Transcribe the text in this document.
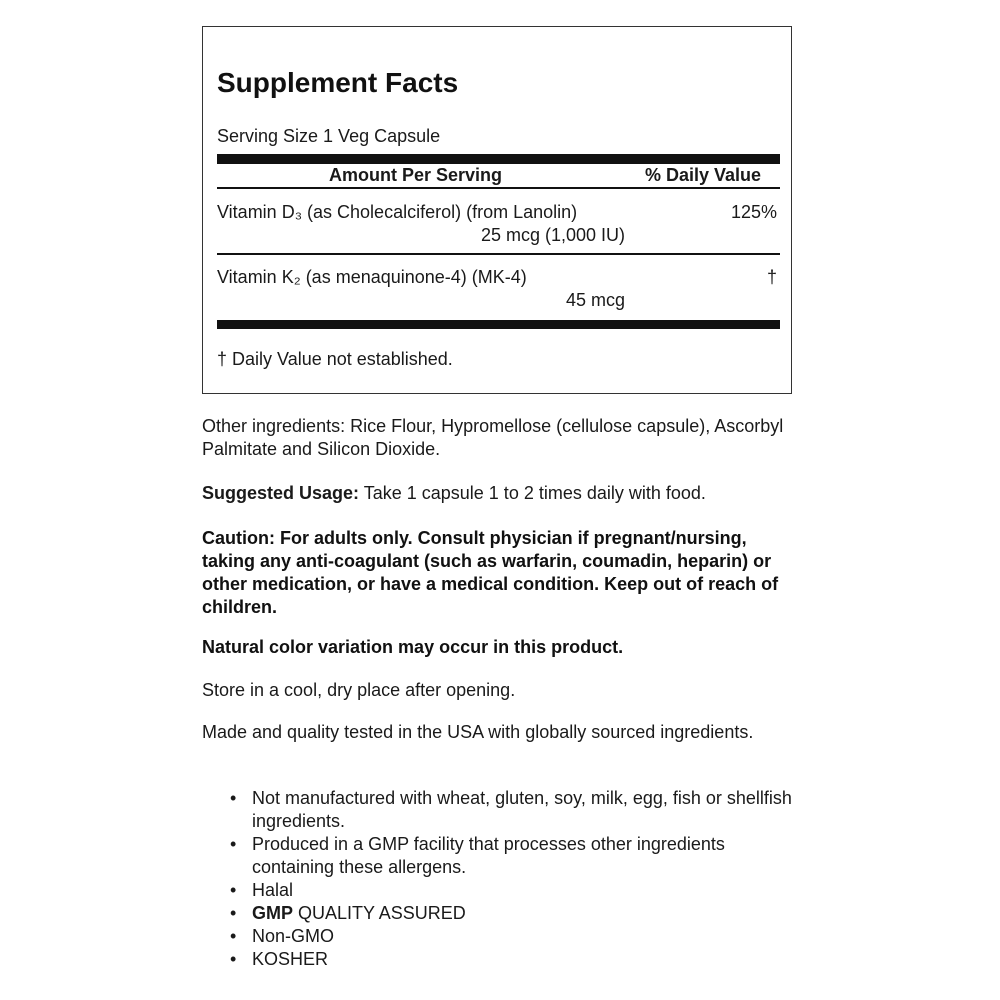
Supplement Facts
Serving Size 1 Veg Capsule
Amount Per Serving	% Daily Value
Vitamin D₃ (as Cholecalciferol) (from Lanolin)
25 mcg (1,000 IU)
125%
Vitamin K₂ (as menaquinone-4) (MK-4)
45 mcg
†
† Daily Value not established.
Other ingredients: Rice Flour, Hypromellose (cellulose capsule), Ascorbyl Palmitate and Silicon Dioxide.
Suggested Usage: Take 1 capsule 1 to 2 times daily with food.
Caution: For adults only. Consult physician if pregnant/nursing, taking any anti-coagulant (such as warfarin, coumadin, heparin) or other medication, or have a medical condition. Keep out of reach of children.
Natural color variation may occur in this product.
Store in a cool, dry place after opening.
Made and quality tested in the USA with globally sourced ingredients.
• Not manufactured with wheat, gluten, soy, milk, egg, fish or shellfish ingredients.
• Produced in a GMP facility that processes other ingredients containing these allergens.
• Halal
• GMP QUALITY ASSURED
• Non-GMO
• KOSHER
